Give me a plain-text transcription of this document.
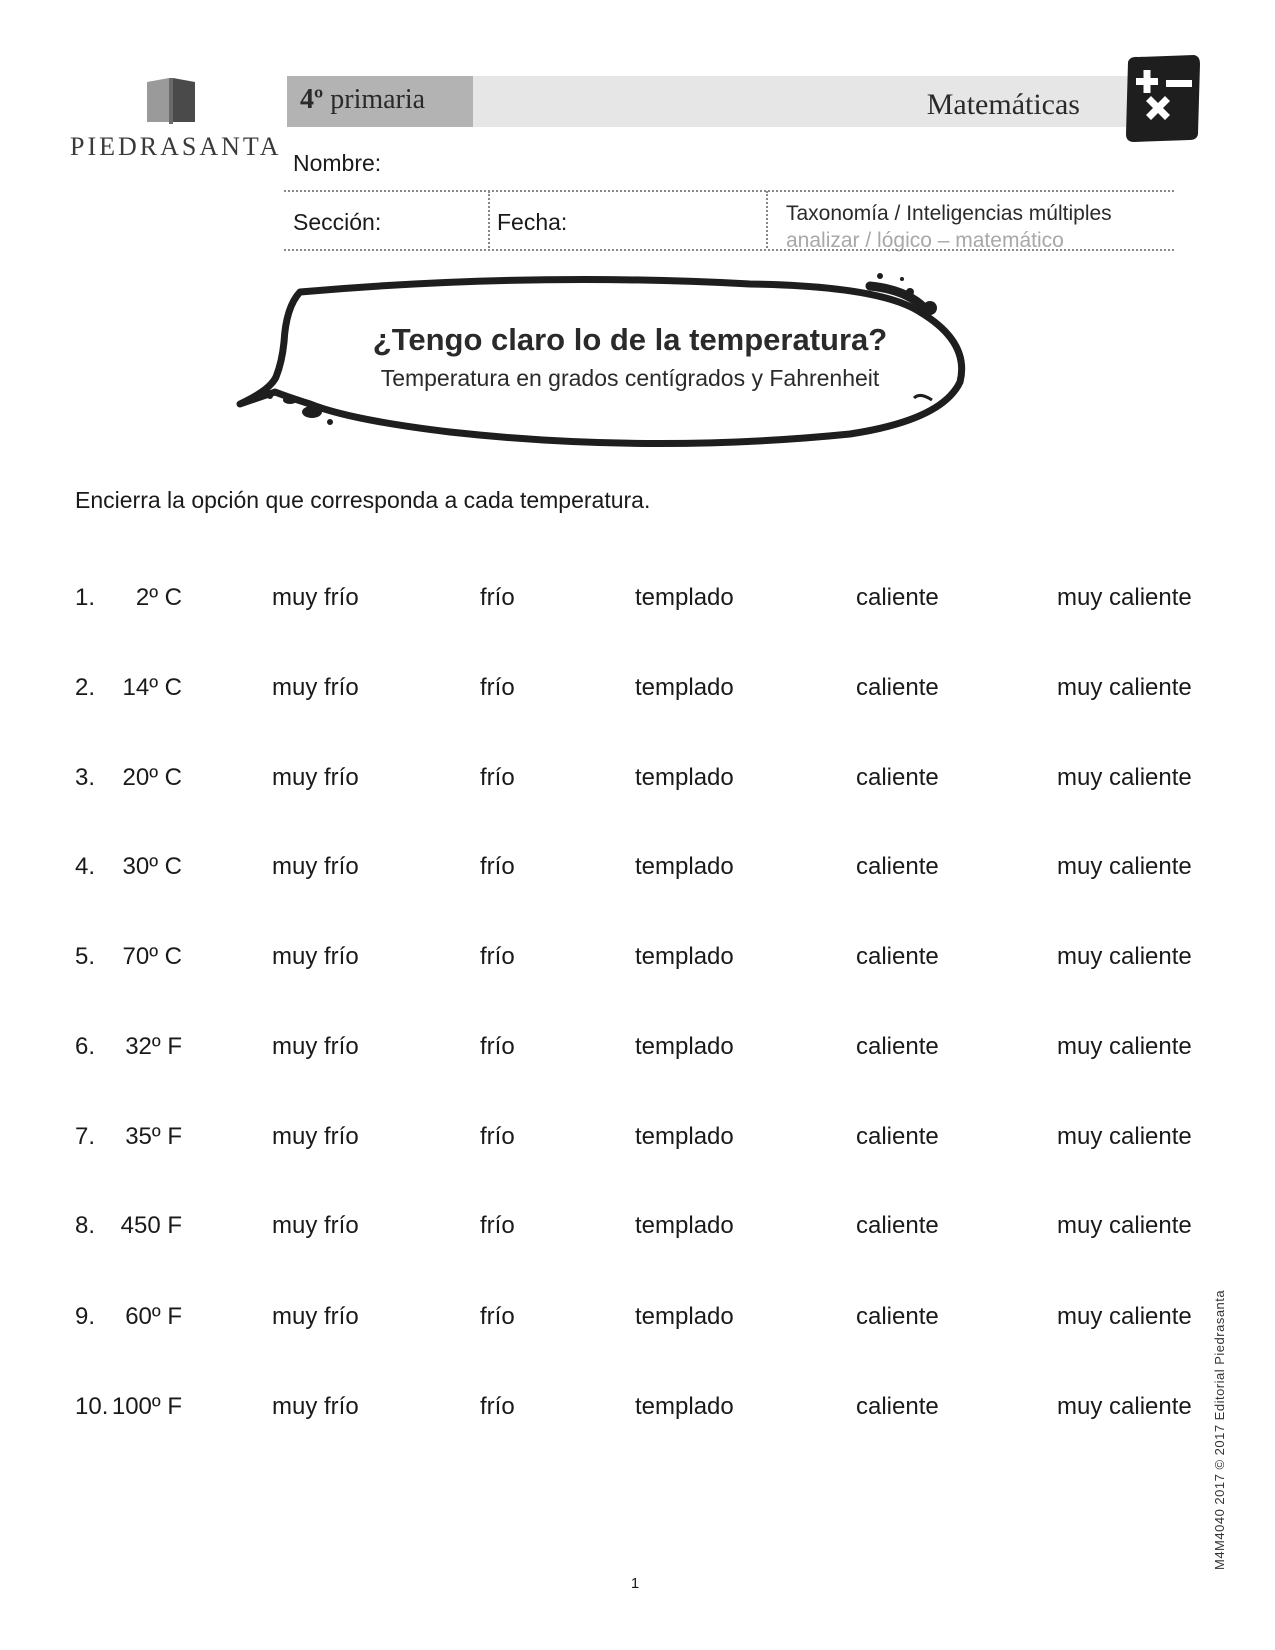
PIEDRASANTA
4º primaria	Matemáticas
Nombre:
Sección:	Fecha:	Taxonomía / Inteligencias múltiples
analizar / lógico – matemático
¿Tengo claro lo de la temperatura?
Temperatura en grados centígrados y Fahrenheit
Encierra la opción que corresponda a cada temperatura.
1.	2º C	muy frío	frío	templado	caliente	muy caliente
2.	14º C	muy frío	frío	templado	caliente	muy caliente
3.	20º C	muy frío	frío	templado	caliente	muy caliente
4.	30º C	muy frío	frío	templado	caliente	muy caliente
5.	70º C	muy frío	frío	templado	caliente	muy caliente
6.	32º F	muy frío	frío	templado	caliente	muy caliente
7.	35º F	muy frío	frío	templado	caliente	muy caliente
8.	450 F	muy frío	frío	templado	caliente	muy caliente
9.	60º F	muy frío	frío	templado	caliente	muy caliente
10. 100º F	muy frío	frío	templado	caliente	muy caliente M4M4040 2017 © 2017 Editorial Piedrasanta
1
